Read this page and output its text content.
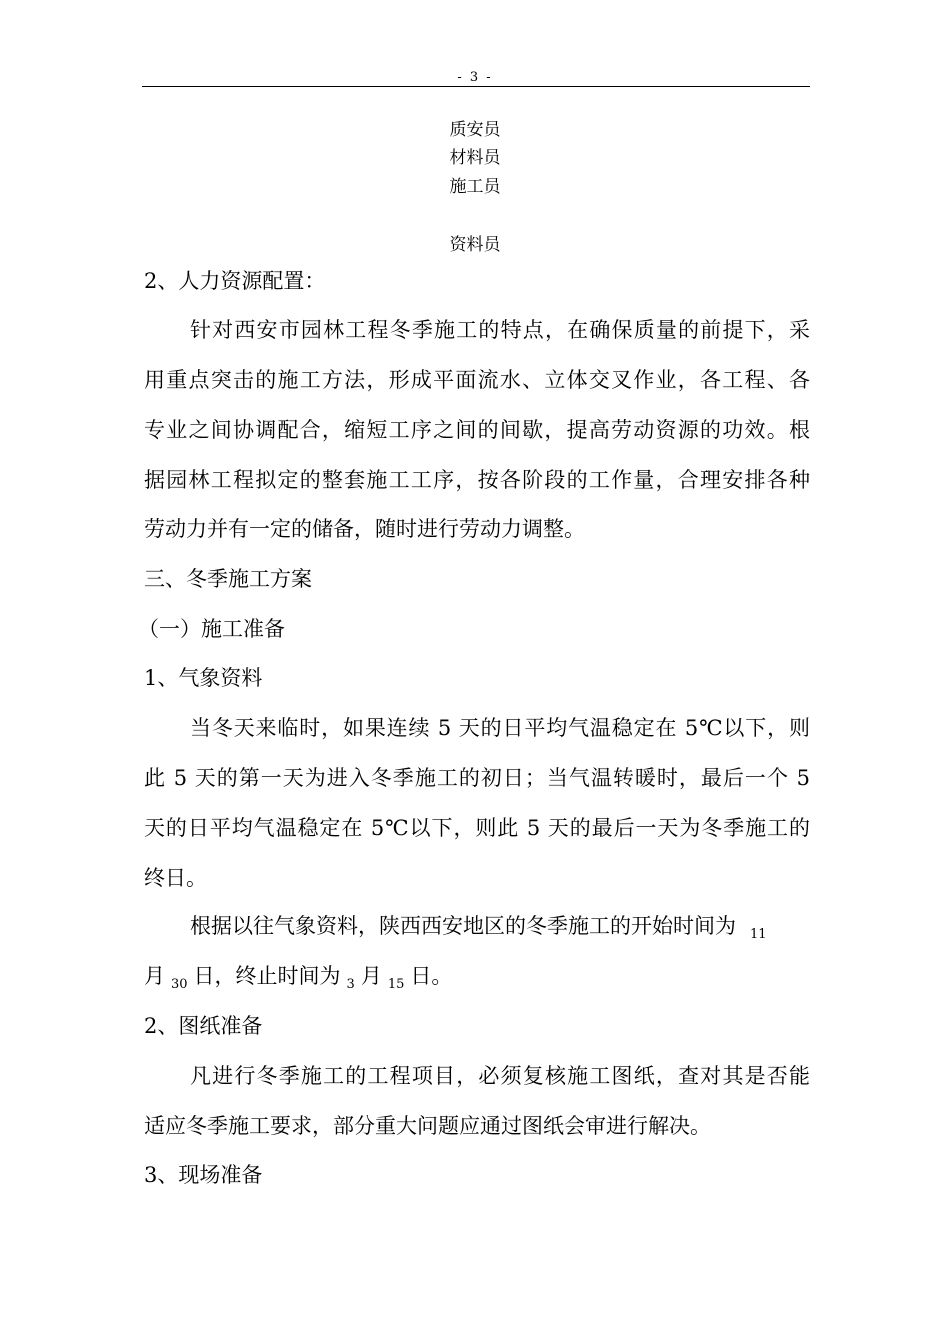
- 3 -
质安员
材料员
施工员
资料员
2、人力资源配置：
针对西安市园林工程冬季施工的特点，在确保质量的前提下，采
用重点突击的施工方法，形成平面流水、立体交叉作业，各工程、各
专业之间协调配合，缩短工序之间的间歇，提高劳动资源的功效。根
据园林工程拟定的整套施工工序，按各阶段的工作量，合理安排各种
劳动力并有一定的储备，随时进行劳动力调整。
三、冬季施工方案
（一）施工准备
1、气象资料
当冬天来临时，如果连续 5 天的日平均气温稳定在 5℃以下，则
此 5 天的第一天为进入冬季施工的初日；当气温转暖时，最后一个 5
天的日平均气温稳定在 5℃以下，则此 5 天的最后一天为冬季施工的
终日。
根据以往气象资料，陕西西安地区的冬季施工的开始时间为 $_{11}$
月 $_{30}$ 日，终止时间为 $_3$ 月 $_{15}$ 日。
2、图纸准备
凡进行冬季施工的工程项目，必须复核施工图纸，查对其是否能
适应冬季施工要求，部分重大问题应通过图纸会审进行解决。
3、现场准备
